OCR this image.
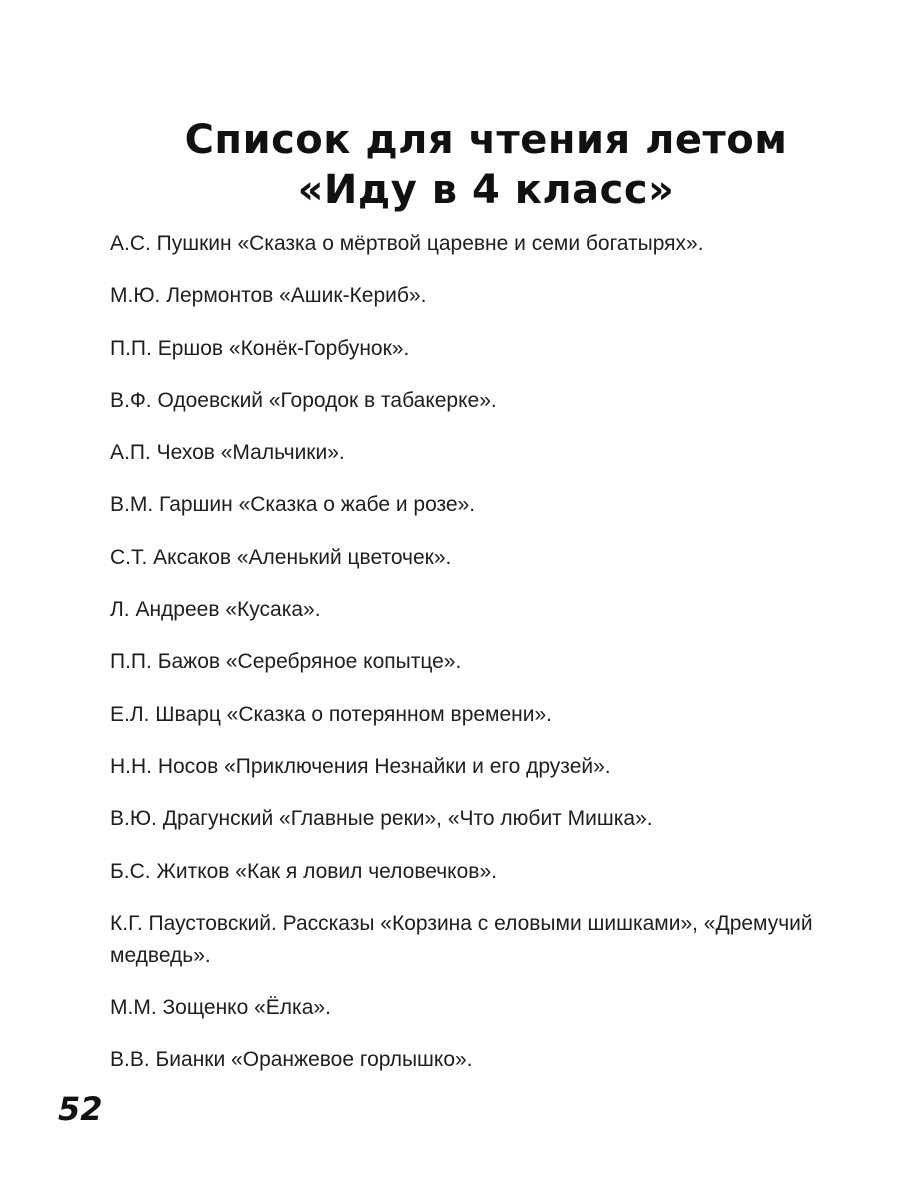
Список для чтения летом
«Иду в 4 класс»
А.С. Пушкин «Сказка о мёртвой царевне и семи богатырях».
М.Ю. Лермонтов «Ашик-Кериб».
П.П. Ершов «Конёк-Горбунок».
В.Ф. Одоевский «Городок в табакерке».
А.П. Чехов «Мальчики».
В.М. Гаршин «Сказка о жабе и розе».
С.Т. Аксаков «Аленький цветочек».
Л. Андреев «Кусака».
П.П. Бажов «Серебряное копытце».
Е.Л. Шварц «Сказка о потерянном времени».
Н.Н. Носов «Приключения Незнайки и его друзей».
В.Ю. Драгунский «Главные реки», «Что любит Мишка».
Б.С. Житков «Как я ловил человечков».
К.Г. Паустовский. Рассказы «Корзина с еловыми шишками», «Дремучий медведь».
М.М. Зощенко «Ёлка».
В.В. Бианки «Оранжевое горлышко».
52
